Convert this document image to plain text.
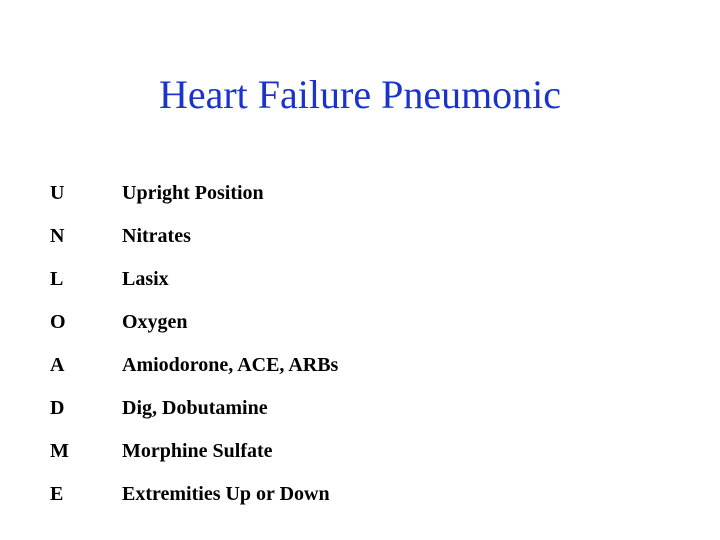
Heart Failure Pneumonic
U	Upright Position
N	Nitrates
L	Lasix
O	Oxygen
A	Amiodorone, ACE, ARBs
D	Dig, Dobutamine
M	Morphine Sulfate
E	Extremities Up or Down
